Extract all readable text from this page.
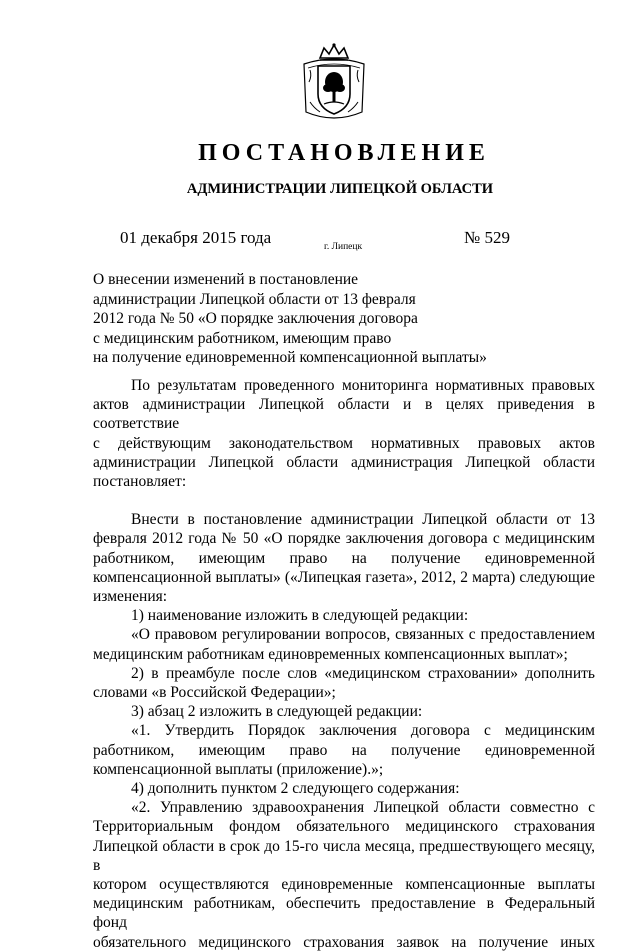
ПОСТАНОВЛЕНИЕ
АДМИНИСТРАЦИИ ЛИПЕЦКОЙ ОБЛАСТИ
01 декабря 2015 года	г. Липецк	№ 529
О внесении изменений в постановление
администрации Липецкой области от 13 февраля
2012 года № 50 «О порядке заключения договора
с медицинским работником, имеющим право
на получение единовременной компенсационной выплаты»

По результатам проведенного мониторинга нормативных правовых

актов администрации Липецкой области и в целях приведения в соответствие

с действующим законодательством нормативных правовых актов

администрации Липецкой области администрация Липецкой области

постановляет:

Внести в постановление администрации Липецкой области от 13

февраля 2012 года № 50 «О порядке заключения договора с медицинским

работником, имеющим право на получение единовременной

компенсационной выплаты» («Липецкая газета», 2012, 2 марта) следующие

изменения:

1) наименование изложить в следующей редакции:

«О правовом регулировании вопросов, связанных с предоставлением

медицинским работникам единовременных компенсационных выплат»;

2) в преамбуле после слов «медицинском страховании» дополнить

словами «в Российской Федерации»;

3) абзац 2 изложить в следующей редакции:

«1. Утвердить Порядок заключения договора с медицинским

работником, имеющим право на получение единовременной

компенсационной выплаты (приложение).»;

4) дополнить пунктом 2 следующего содержания:

«2. Управлению здравоохранения Липецкой области совместно с

Территориальным фондом обязательного медицинского страхования

Липецкой области в срок до 15-го числа месяца, предшествующего месяцу, в

котором осуществляются единовременные компенсационные выплаты

медицинским работникам, обеспечить предоставление в Федеральный фонд

обязательного медицинского страхования заявок на получение иных
